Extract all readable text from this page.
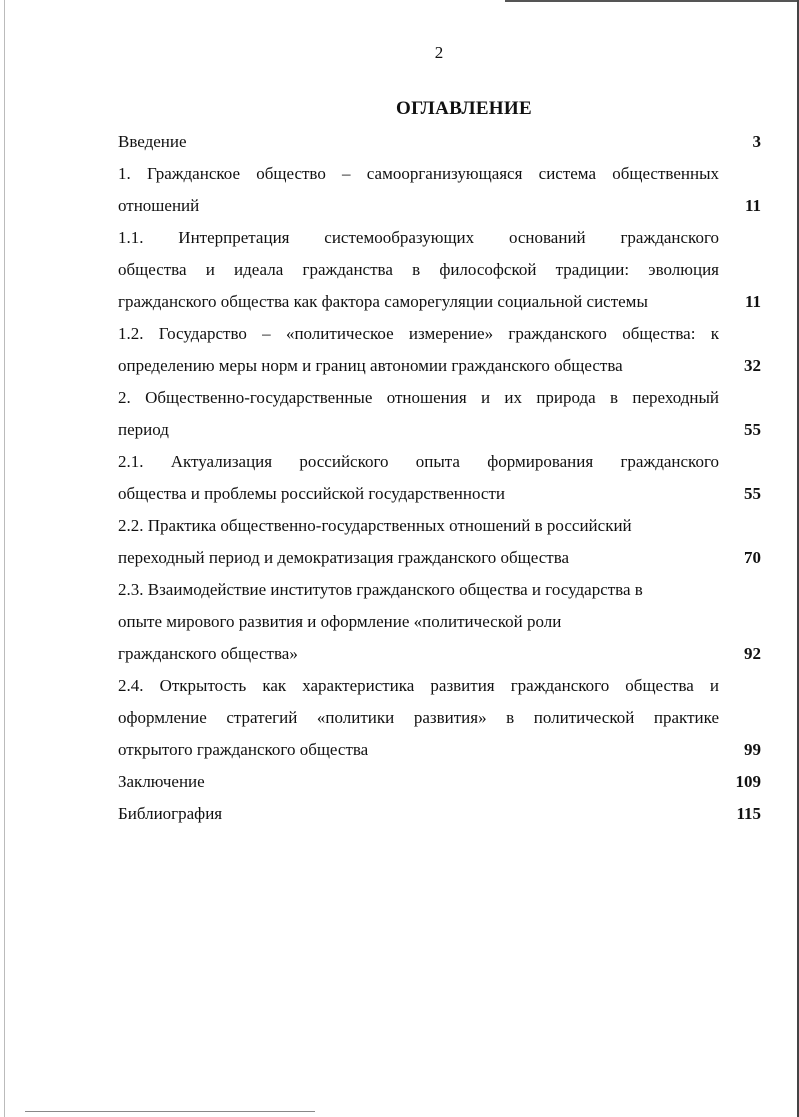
2
ОГЛАВЛЕНИЕ
Введение	3
1. Гражданское общество – самоорганизующаяся система общественных
отношений	11
1.1. Интерпретация системообразующих оснований гражданского
общества и идеала гражданства в философской традиции: эволюция
гражданского общества как фактора саморегуляции социальной системы	11
1.2. Государство – «политическое измерение» гражданского общества: к
определению меры норм и границ автономии гражданского общества	32
2. Общественно-государственные отношения и их природа в переходный
период	55
2.1. Актуализация российского опыта формирования гражданского
общества и проблемы российской государственности	55
2.2. Практика общественно-государственных отношений в российский
переходный период и демократизация гражданского общества	70
2.3. Взаимодействие институтов гражданского общества и государства в
опыте мирового развития и оформление «политической роли
гражданского общества»	92
2.4. Открытость как характеристика развития гражданского общества и
оформление стратегий «политики развития» в политической практике
открытого гражданского общества	99
Заключение	109
Библиография	115
